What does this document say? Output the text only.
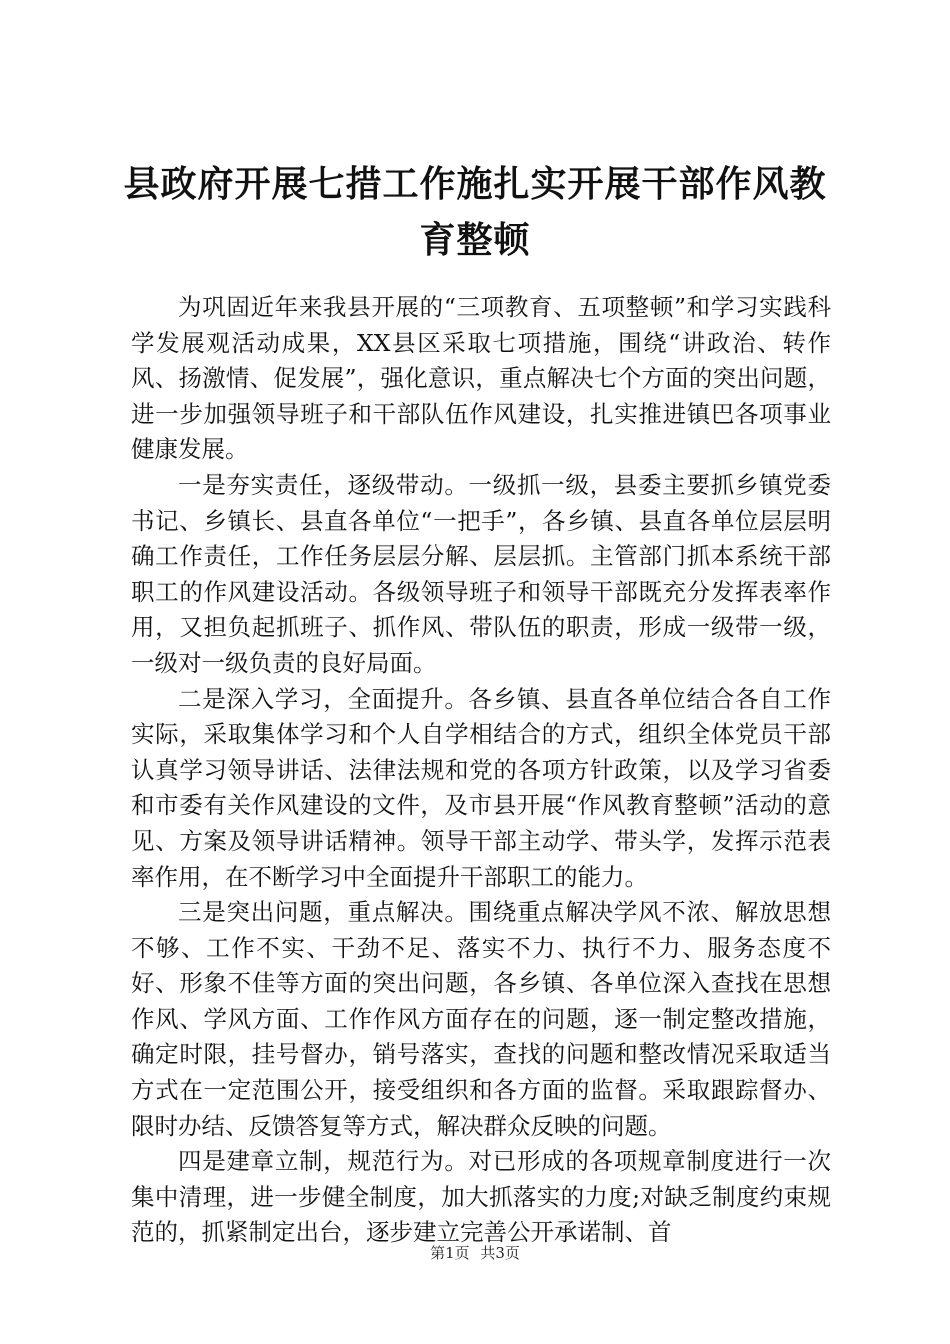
县政府开展七措工作施扎实开展干部作风教育整顿

为巩固近年来我县开展的“三项教育、五项整顿”和学习实践科学发展观活动成果，XX县区采取七项措施，围绕“讲政治、转作风、扬激情、促发展”，强化意识，重点解决七个方面的突出问题，进一步加强领导班子和干部队伍作风建设，扎实推进镇巴各项事业健康发展。

一是夯实责任，逐级带动。一级抓一级，县委主要抓乡镇党委书记、乡镇长、县直各单位“一把手”，各乡镇、县直各单位层层明确工作责任，工作任务层层分解、层层抓。主管部门抓本系统干部职工的作风建设活动。各级领导班子和领导干部既充分发挥表率作用，又担负起抓班子、抓作风、带队伍的职责，形成一级带一级，一级对一级负责的良好局面。

二是深入学习，全面提升。各乡镇、县直各单位结合各自工作实际，采取集体学习和个人自学相结合的方式，组织全体党员干部认真学习领导讲话、法律法规和党的各项方针政策，以及学习省委和市委有关作风建设的文件，及市县开展“作风教育整顿”活动的意见、方案及领导讲话精神。领导干部主动学、带头学，发挥示范表率作用，在不断学习中全面提升干部职工的能力。

三是突出问题，重点解决。围绕重点解决学风不浓、解放思想不够、工作不实、干劲不足、落实不力、执行不力、服务态度不好、形象不佳等方面的突出问题，各乡镇、各单位深入查找在思想作风、学风方面、工作作风方面存在的问题，逐一制定整改措施，确定时限，挂号督办，销号落实，查找的问题和整改情况采取适当方式在一定范围公开，接受组织和各方面的监督。采取跟踪督办、限时办结、反馈答复等方式，解决群众反映的问题。

四是建章立制，规范行为。对已形成的各项规章制度进行一次集中清理，进一步健全制度，加大抓落实的力度;对缺乏制度约束规范的，抓紧制定出台，逐步建立完善公开承诺制、首

第1页 共3页
